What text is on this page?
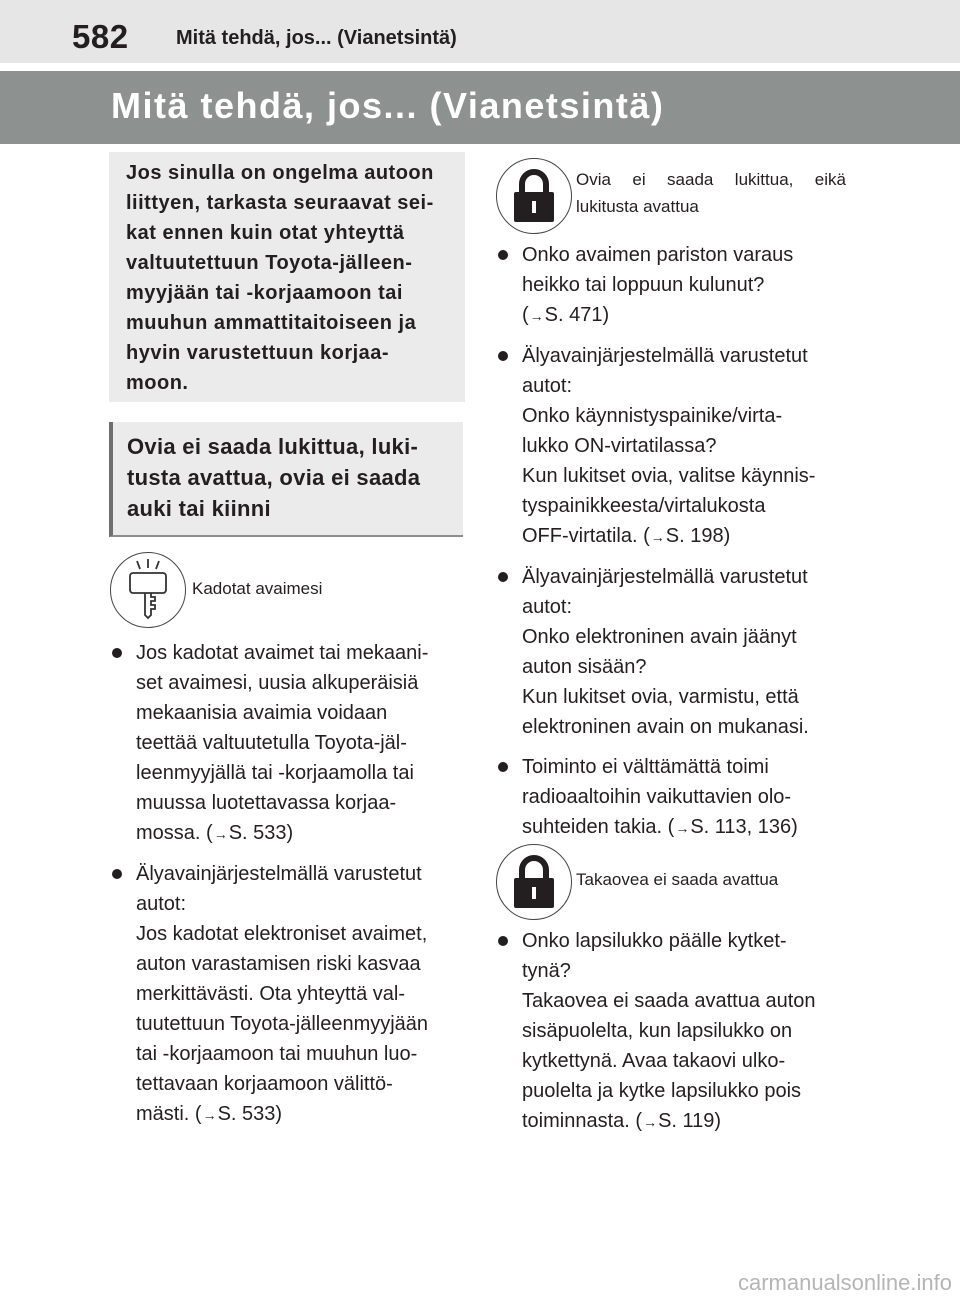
582 Mitä tehdä, jos... (Vianetsintä)
Mitä tehdä, jos... (Vianetsintä)

Jos sinulla on ongelma autoon

liittyen, tarkasta seuraavat sei-

kat ennen kuin otat yhteyttä

valtuutettuun Toyota-jälleen-

myyjään tai -korjaamoon tai

muuhun ammattitaitoiseen ja

hyvin varustettuun korjaa-

moon.

Ovia ei saada lukittua, luki-

tusta avattua, ovia ei saada

auki tai kiinni

Kadotat avaimesi
Jos kadotat avaimet tai mekaani-
set avaimesi, uusia alkuperäisiä
mekaanisia avaimia voidaan
teettää valtuutetulla Toyota-jäl-
leenmyyjällä tai -korjaamolla tai
muussa luotettavassa korjaa-
mossa. (→S. 533)
Älyavainjärjestelmällä varustetut
autot:
Jos kadotat elektroniset avaimet,
auton varastamisen riski kasvaa
merkittävästi. Ota yhteyttä val-
tuutettuun Toyota-jälleenmyyjään
tai -korjaamoon tai muuhun luo-
tettavaan korjaamoon välittö-
mästi. (→S. 533)
Ovia ei saada lukittua, eikä lukitusta avattua
Onko avaimen pariston varaus
heikko tai loppuun kulunut?
(→S. 471)
Älyavainjärjestelmällä varustetut
autot:
Onko käynnistyspainike/virta-
lukko ON-virtatilassa?
Kun lukitset ovia, valitse käynnis-
tyspainikkeesta/virtalukosta
OFF-virtatila. (→S. 198)
Älyavainjärjestelmällä varustetut
autot:
Onko elektroninen avain jäänyt
auton sisään?
Kun lukitset ovia, varmistu, että
elektroninen avain on mukanasi.
Toiminto ei välttämättä toimi
radioaaltoihin vaikuttavien olo-
suhteiden takia. (→S. 113, 136)
Takaovea ei saada avattua
Onko lapsilukko päälle kytket-
tynä?
Takaovea ei saada avattua auton
sisäpuolelta, kun lapsilukko on
kytkettynä. Avaa takaovi ulko-
puolelta ja kytke lapsilukko pois
toiminnasta. (→S. 119)
carmanualsonline.info
